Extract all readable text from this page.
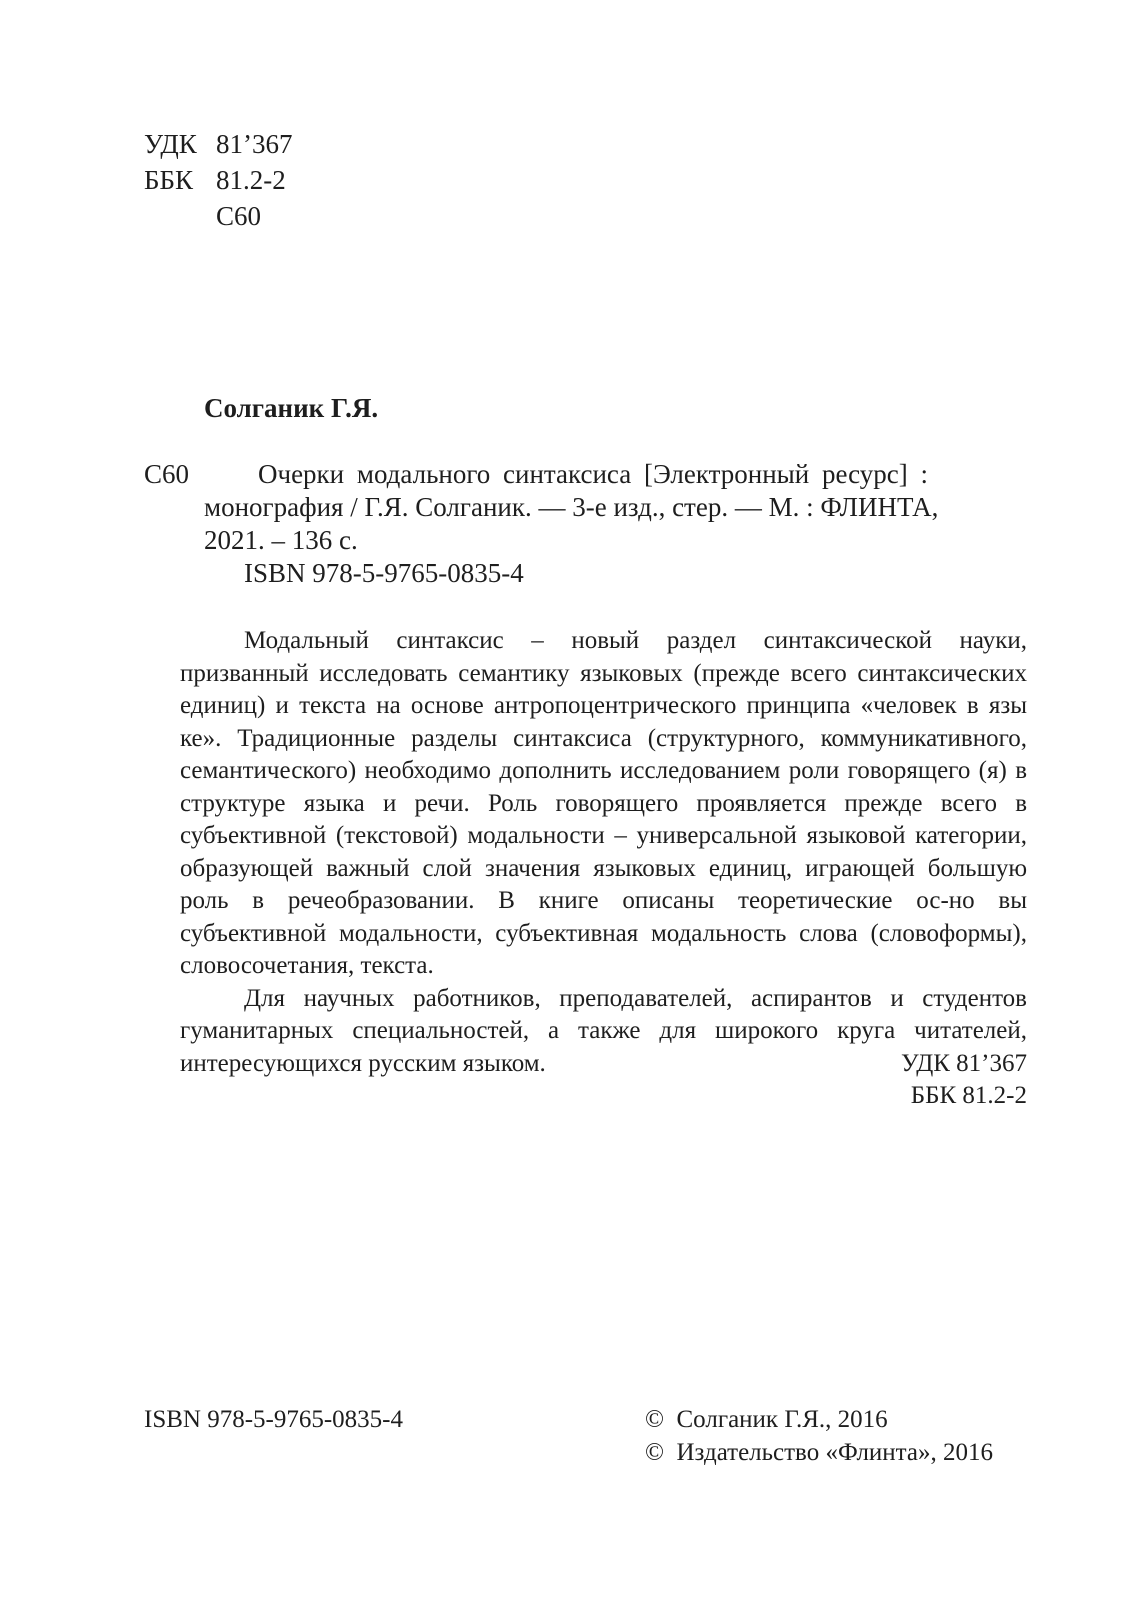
УДК 81’367
ББК 81.2-2
С60
Солганик Г.Я.
С60	Очерки модального синтаксиса [Электронный ресурс] :
монография / Г.Я. Солганик. — 3-е изд., стер. — М. : ФЛИНТА,
2021. – 136 с.
ISBN 978-5-9765-0835-4

Модальный синтаксис – новый раздел синтаксической науки, призванный исследовать семантику языковых (прежде всего синтаксических единиц) и текста на основе антропоцентрического принципа «человек в язы ке». Традиционные разделы синтаксиса (структурного, коммуникативного, семантического) необходимо дополнить исследованием роли говорящего (я) в структуре языка и речи. Роль говорящего проявляется прежде всего в субъективной (текстовой) модальности – универсальной языковой категории, образующей важный слой значения языковых единиц, играющей большую роль в речеобразовании. В книге описаны теоретические ос-но вы субъективной модальности, субъективная модальность слова (словоформы), словосочетания, текста.

Для научных работников, преподавателей, аспирантов и студентов гуманитарных специальностей, а также для широкого круга читателей, интересующихся русским языком.	УДК 81’367
ББК 81.2-2
ISBN 978-5-9765-0835-4	©  Солганик Г.Я., 2016
©  Издательство «Флинта», 2016
